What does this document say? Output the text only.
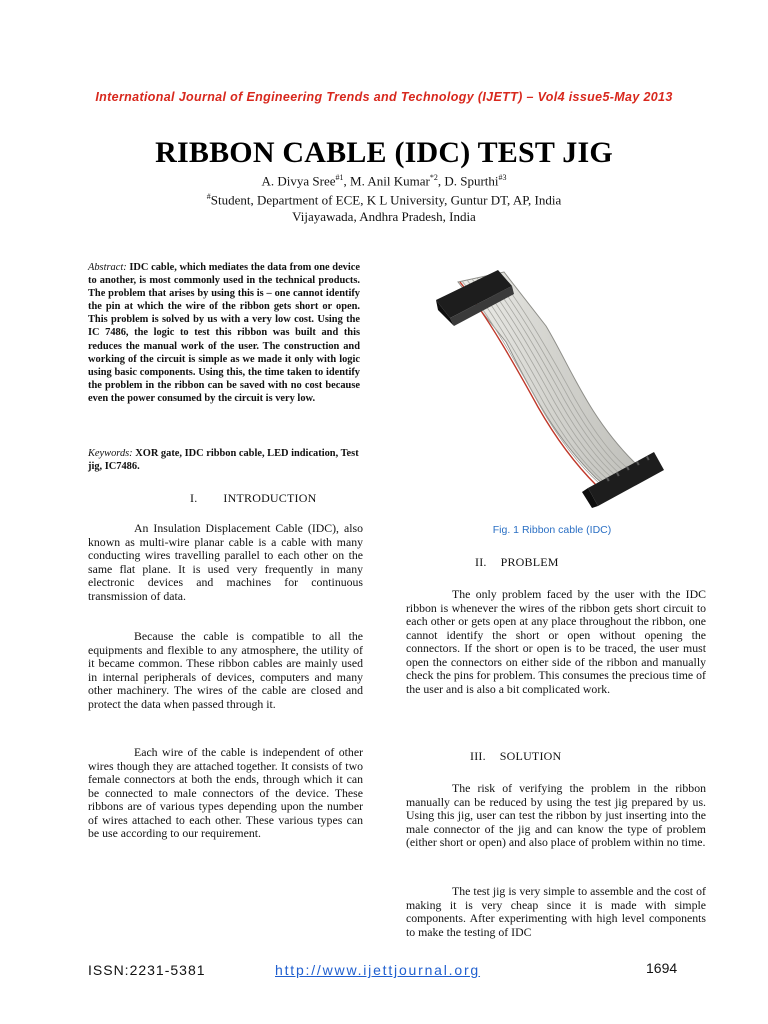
International Journal of Engineering Trends and Technology (IJETT) – Vol4 issue5-May 2013
RIBBON CABLE (IDC) TEST JIG
A. Divya Sree$^{\#1}$, M. Anil Kumar$^{*2}$, D. Spurthi$^{\#3}$
#Student, Department of ECE, K L University, Guntur DT, AP, India
Vijayawada, Andhra Pradesh, India
Abstract: IDC cable, which mediates the data from one device to another, is most commonly used in the technical products. The problem that arises by using this is – one cannot identify the pin at which the wire of the ribbon gets short or open. This problem is solved by us with a very low cost. Using the IC 7486, the logic to test this ribbon was built and this reduces the manual work of the user. The construction and working of the circuit is simple as we made it only with logic using basic components. Using this, the time taken to identify the problem in the ribbon can be saved with no cost because even the power consumed by the circuit is very low.
Keywords: XOR gate, IDC ribbon cable, LED indication, Test jig, IC7486.
I. INTRODUCTION
An Insulation Displacement Cable (IDC), also known as multi-wire planar cable is a cable with many conducting wires travelling parallel to each other on the same flat plane. It is used very frequently in many electronic devices and machines for continuous transmission of data.
Because the cable is compatible to all the equipments and flexible to any atmosphere, the utility of it became common. These ribbon cables are mainly used in internal peripherals of devices, computers and many other machinery. The wires of the cable are closed and protect the data when passed through it.
Each wire of the cable is independent of other wires though they are attached together. It consists of two female connectors at both the ends, through which it can be connected to male connectors of the device. These ribbons are of various types depending upon the number of wires attached to each other. These various types can be use according to our requirement.
Fig. 1 Ribbon cable (IDC)
II. PROBLEM
The only problem faced by the user with the IDC ribbon is whenever the wires of the ribbon gets short circuit to each other or gets open at any place throughout the ribbon, one cannot identify the short or open without opening the connectors. If the short or open is to be traced, the user must open the connectors on either side of the ribbon and manually check the pins for problem. This consumes the precious time of the user and is also a bit complicated work.
III. SOLUTION
The risk of verifying the problem in the ribbon manually can be reduced by using the test jig prepared by us. Using this jig, user can test the ribbon by just inserting into the male connector of the jig and can know the type of problem (either short or open) and also place of problem within no time.
The test jig is very simple to assemble and the cost of making it is very cheap since it is made with simple components. After experimenting with high level components to make the testing of IDC
ISSN:2231-5381	http://www.ijettjournal.org	1694
